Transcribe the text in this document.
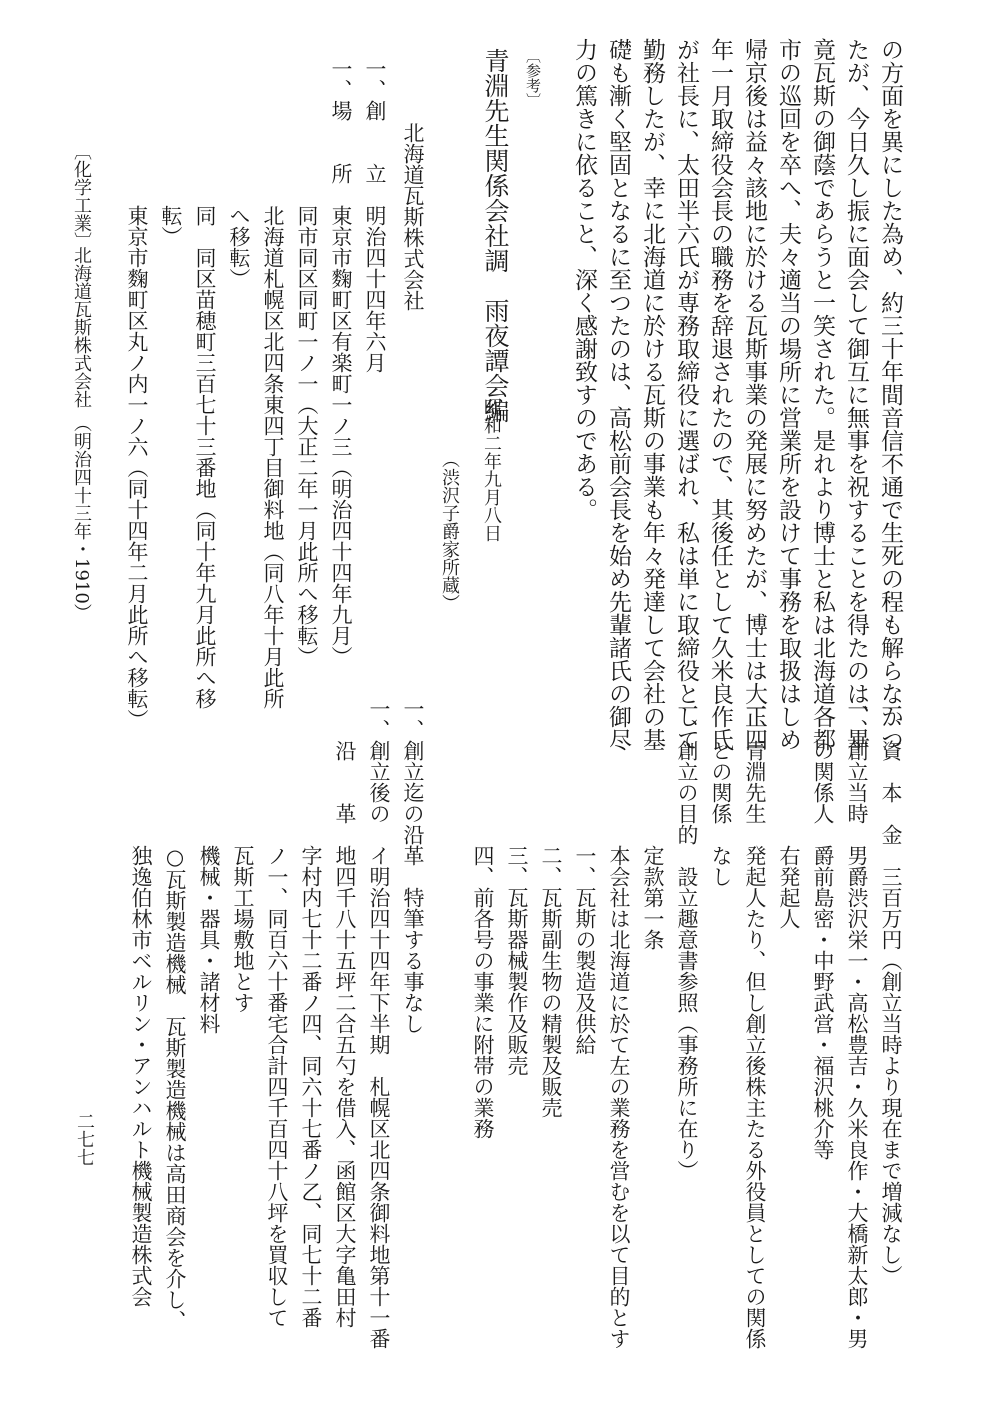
の方面を異にした為め、約三十年間音信不通で生死の程も解らなかつ
たが、今日久し振に面会して御互に無事を祝することを得たのは、畢
竟瓦斯の御蔭であらうと一笑された。是れより博士と私は北海道各都
市の巡回を卒へ、夫々適当の場所に営業所を設けて事務を取扱はしめ
帰京後は益々該地に於ける瓦斯事業の発展に努めたが、博士は大正四
年一月取締役会長の職務を辞退されたので、其後任として久米良作氏
が社長に、太田半六氏が専務取締役に選ばれ、私は単に取締役として
勤務したが、幸に北海道に於ける瓦斯の事業も年々発達して会社の基
礎も漸く堅固となるに至つたのは、高松前会長を始め先輩諸氏の御尽
力の篤きに依ること、深く感謝致すのである。
〔参考〕
青淵先生関係会社調　雨夜譚会編
昭和二年九月八日
（渋沢子爵家所蔵）
北海道瓦斯株式会社
一、創　　立　明治四十四年六月
一、場　　所　東京市麴町区有楽町一ノ三（明治四十四年九月）
　　　　　　　同市同区同町一ノ一（大正二年一月此所へ移転）
　　　　　　　北海道札幌区北四条東四丁目御料地（同八年十月此所
　　　　　　　へ移転）
　　　　　　　同　同区苗穂町三百七十三番地（同十年九月此所へ移
　　　　　　　転）
　　　　　　　東京市麴町区丸ノ内一ノ六（同十四年二月此所へ移転）
〔化学工業〕
北海道瓦斯株式会社
（明治四十三年・1910）
一、資　本　金　三百万円（創立当時より現在まで増減なし）
一、創立当時　男爵渋沢栄一・高松豊吉・久米良作・大橋新太郎・男
　　の関係人　爵前島密・中野武営・福沢桃介等
　　　　　　　右発起人
一、青淵先生　発起人たり、但し創立後株主たる外役員としての関係
　　との関係　なし
一、創立の目的　設立趣意書参照（事務所に在り）
　　　　　　　定款第一条
　　　　　　　本会社は北海道に於て左の業務を営むを以て目的とす
　　　　　　　一、瓦斯の製造及供給
　　　　　　　二、瓦斯副生物の精製及販売
　　　　　　　三、瓦斯器械製作及販売
　　　　　　　四、前各号の事業に附帯の業務
一、創立迄の沿革　特筆する事なし
一、創立後の　イ明治四十四年下半期　札幌区北四条御料地第十一番
　　沿　　革　地四千八十五坪二合五勺を借入、函館区大字亀田村
　　　　　　　字村内七十二番ノ四、同六十七番ノ乙、同七十二番
　　　　　　　ノ一、同百六十番宅合計四千百四十八坪を買収して
　　　　　　　瓦斯工場敷地とす
　　　　　　　機械・器具・諸材料
　　　　　　　○瓦斯製造機械　瓦斯製造機械は高田商会を介し、
　　　　　　　独逸伯林市ベルリン・アンハルト機械製造株式会
二七七
